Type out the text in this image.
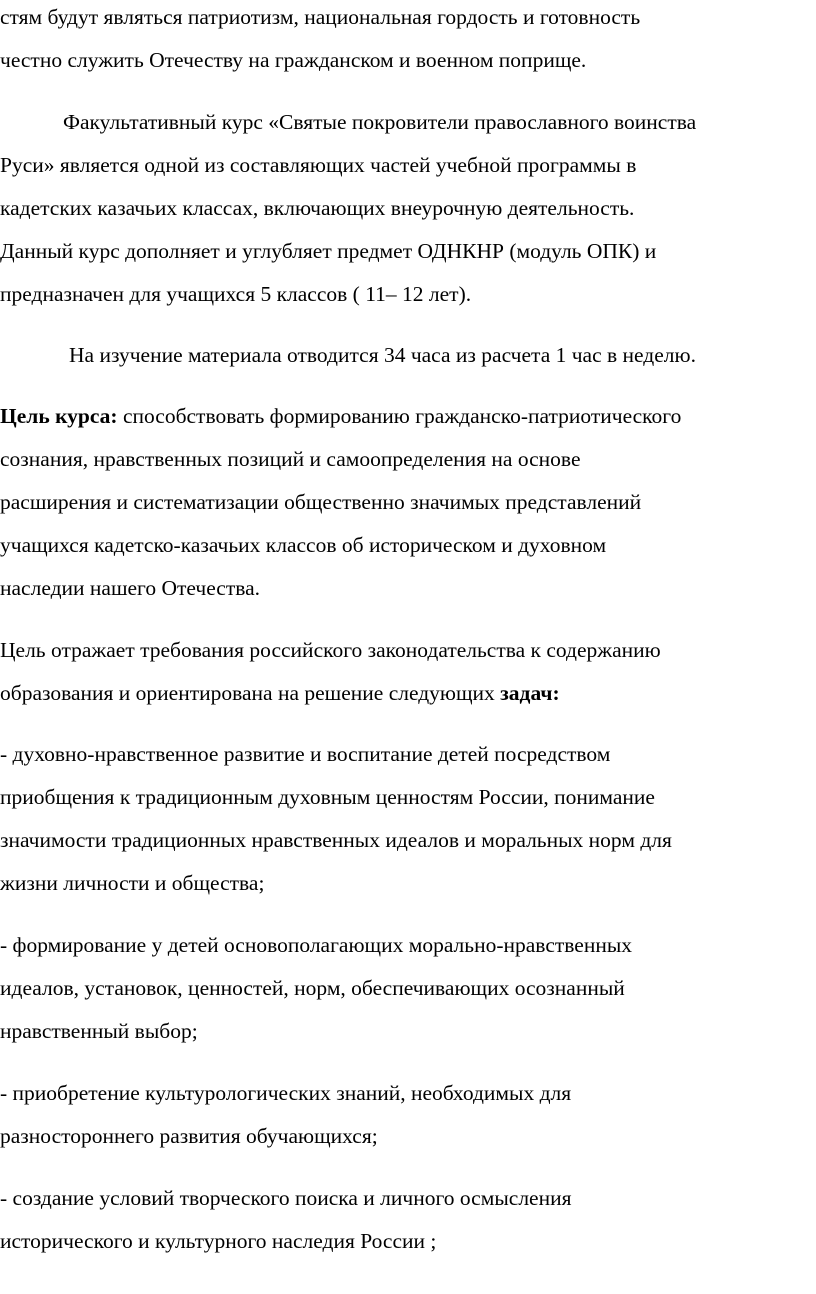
стям будут являться патриотизм, национальная гордость и готовность
честно служить Отечеству на гражданском и военном поприще.
Факультативный курс «Святые покровители православного воинства
Руси» является одной из составляющих частей учебной программы в
кадетских казачьих классах, включающих внеурочную деятельность.
Данный курс дополняет и углубляет предмет ОДНКНР (модуль ОПК) и
предназначен для учащихся 5 классов ( 11– 12 лет).
На изучение материала отводится 34 часа из расчета 1 час в неделю.
Цель курса: способствовать формированию гражданско-патриотического
сознания, нравственных позиций и самоопределения на основе
расширения и систематизации общественно значимых представлений
учащихся кадетско-казачьих классов об историческом и духовном
наследии нашего Отечества.
Цель отражает требования российского законодательства к содержанию
образования и ориентирована на решение следующих задач:
- духовно-нравственное развитие и воспитание детей посредством
приобщения к традиционным духовным ценностям России, понимание
значимости традиционных нравственных идеалов и моральных норм для
жизни личности и общества;
- формирование у детей основополагающих морально-нравственных
идеалов, установок, ценностей, норм, обеспечивающих осознанный
нравственный выбор;
- приобретение культурологических знаний, необходимых для
разностороннего развития обучающихся;
- создание условий творческого поиска и личного осмысления
исторического и культурного наследия России ;
